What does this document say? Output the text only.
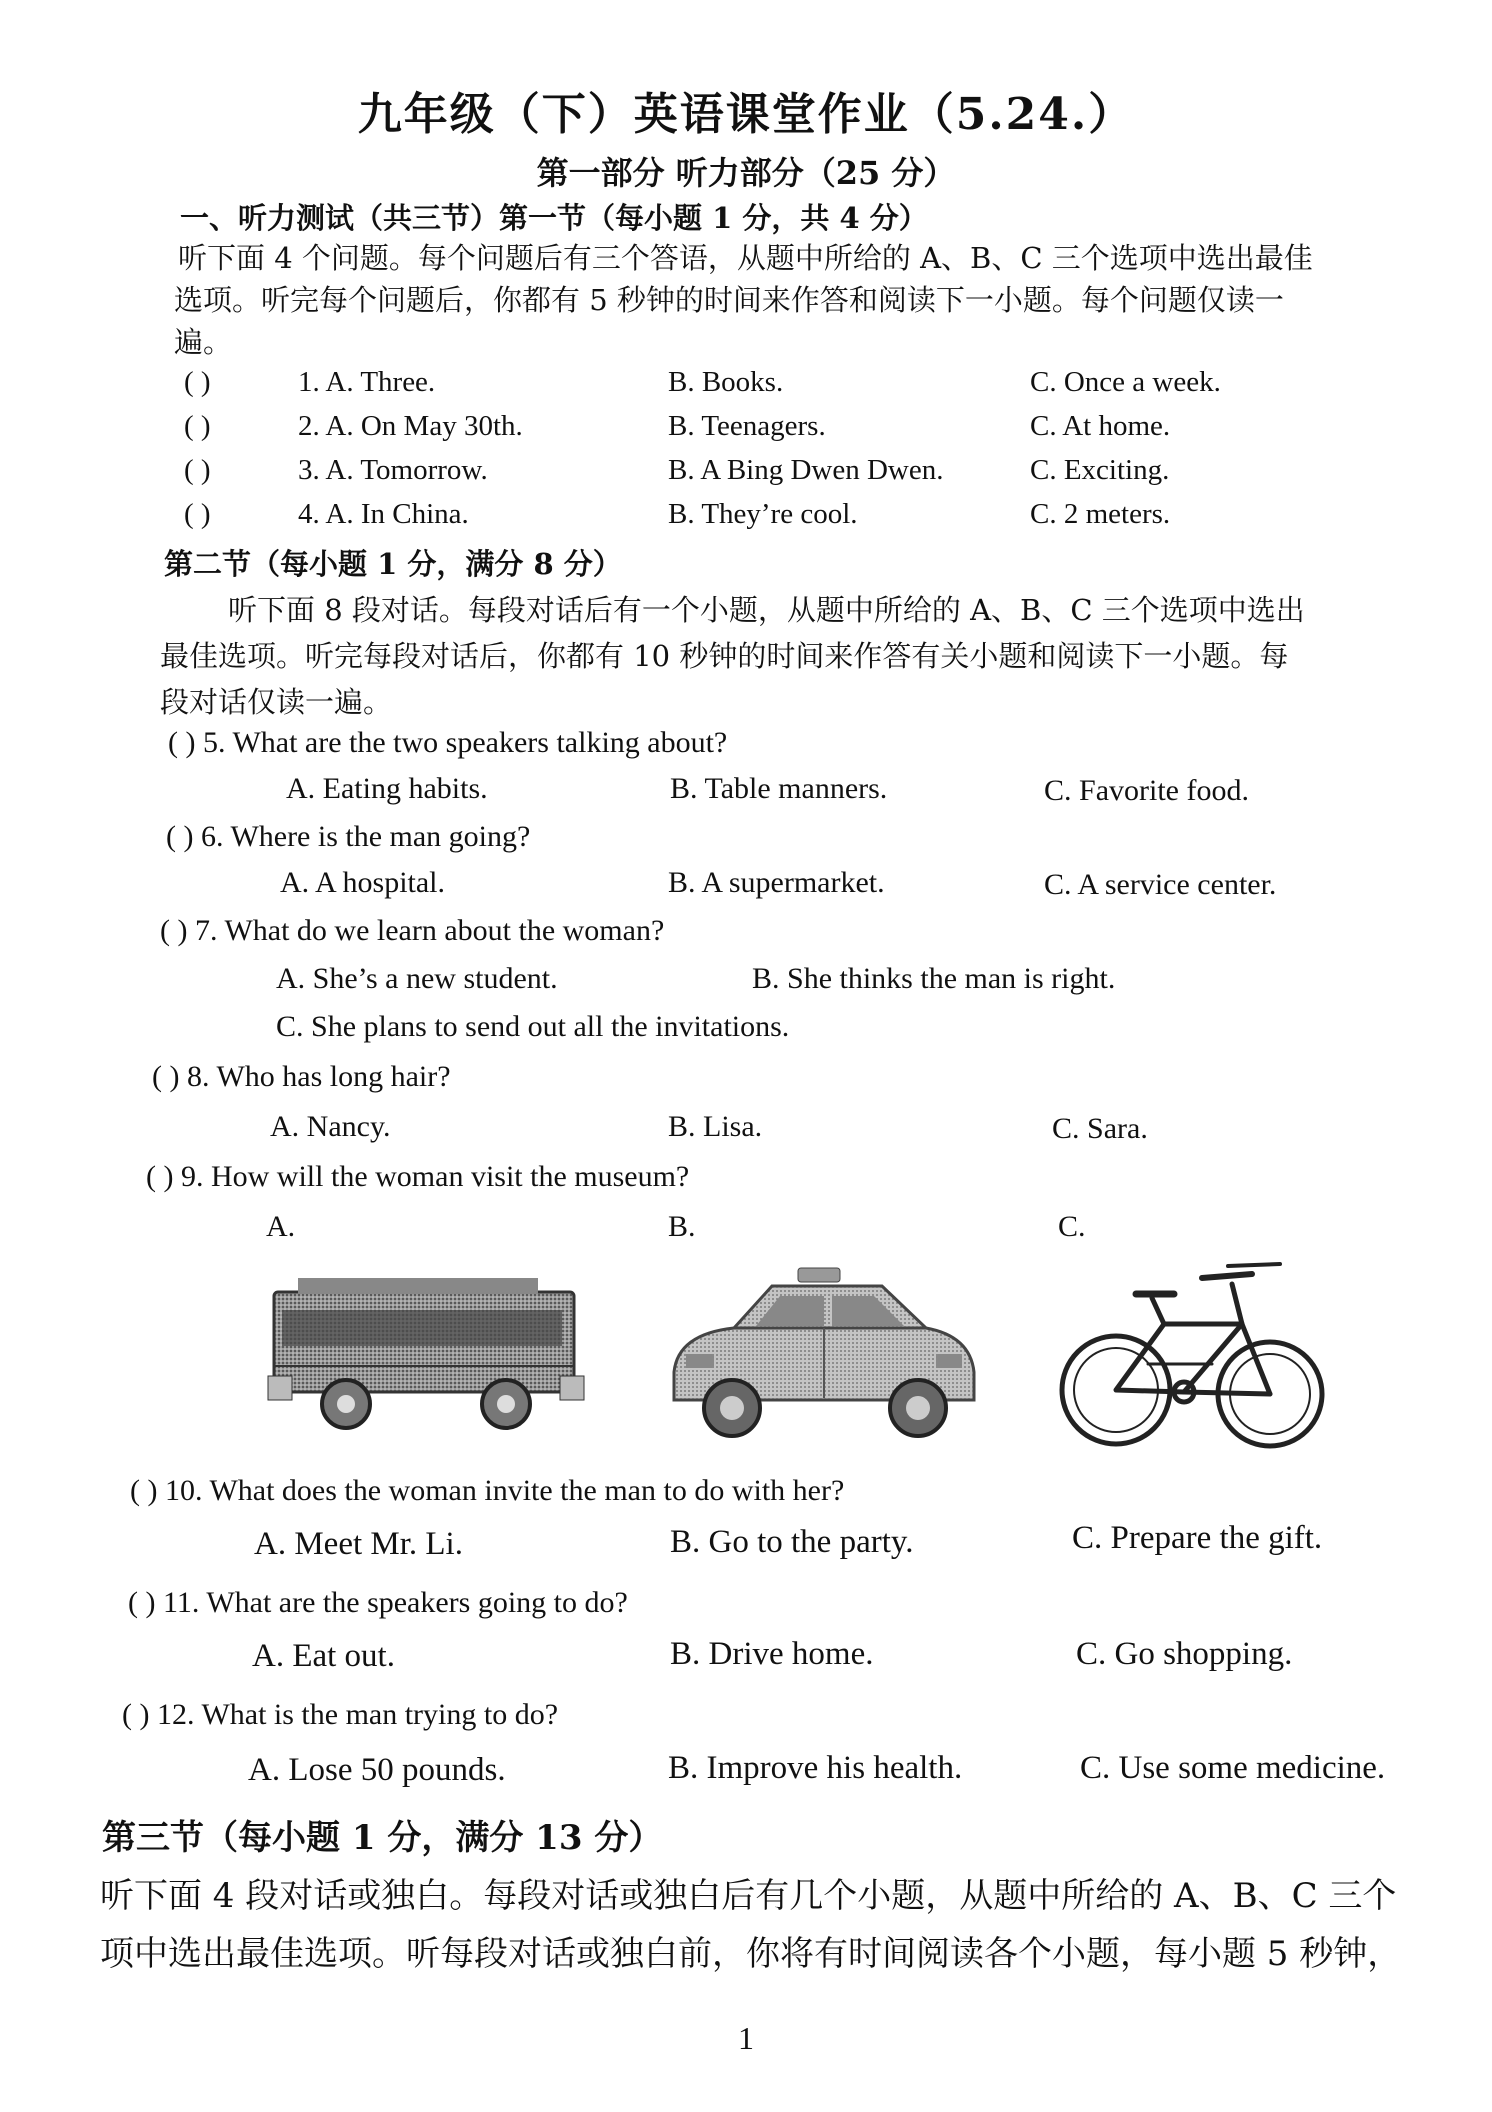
九年级（下）英语课堂作业（5.24.）
第一部分 听力部分（25 分）
一、听力测试（共三节）第一节（每小题 1 分，共 4 分）
听下面 4 个问题。每个问题后有三个答语，从题中所给的 A、B、C 三个选项中选出最佳
选项。听完每个问题后，你都有 5 秒钟的时间来作答和阅读下一小题。每个问题仅读一
遍。
( )	1. A. Three.	B. Books.	C. Once a week.
( )	2. A. On May 30th.	B. Teenagers.	C. At home.
( )	3. A. Tomorrow.	B. A Bing Dwen Dwen.	C. Exciting.
( )	4. A. In China.	B. They’re cool.	C. 2 meters.
第二节（每小题 1 分，满分 8 分）
听下面 8 段对话。每段对话后有一个小题，从题中所给的 A、B、C 三个选项中选出
最佳选项。听完每段对话后，你都有 10 秒钟的时间来作答有关小题和阅读下一小题。每
段对话仅读一遍。
( ) 5. What are the two speakers talking about?
A. Eating habits.	B. Table manners.	C. Favorite food.
( ) 6. Where is the man going?
A. A hospital.	B. A supermarket.	C. A service center.
( ) 7. What do we learn about the woman?
A. She’s a new student.	B. She thinks the man is right.
C. She plans to send out all the invitations.
( ) 8. Who has long hair?
A. Nancy.	B. Lisa.	C. Sara.
( ) 9. How will the woman visit the museum?
A.	B.	C.
( ) 10. What does the woman invite the man to do with her?
A. Meet Mr. Li.	B. Go to the party.	C. Prepare the gift.
( ) 11. What are the speakers going to do?
A. Eat out.	B. Drive home.	C. Go shopping.
( ) 12. What is the man trying to do?
A. Lose 50 pounds.	B. Improve his health.	C. Use some medicine.
第三节（每小题 1 分，满分 13 分）
听下面 4 段对话或独白。每段对话或独白后有几个小题，从题中所给的 A、B、C 三个
项中选出最佳选项。听每段对话或独白前，你将有时间阅读各个小题，每小题 5 秒钟，
1
